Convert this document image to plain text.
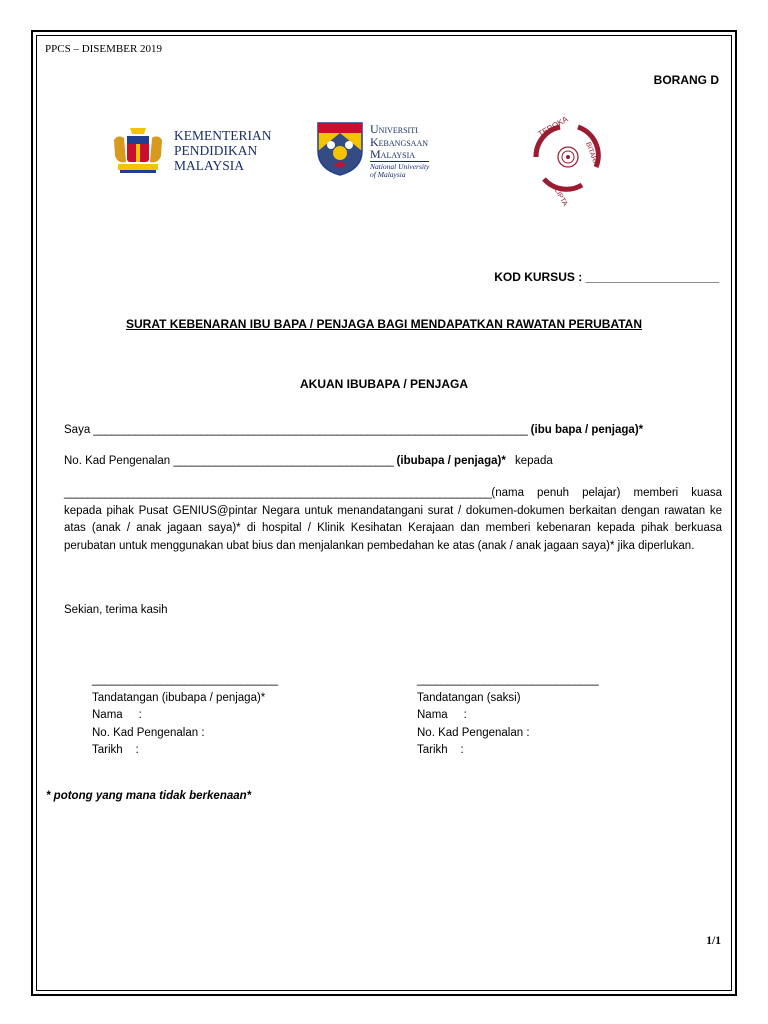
PPCS – DISEMBER 2019
BORANG D
KEMENTERIAN
PENDIDIKAN
MALAYSIA
Universiti
Kebangsaan
Malaysia
National University
of Malaysia
TEROKA
CIPTA
BITARA
KOD KURSUS : ____________________
SURAT KEBENARAN IBU BAPA / PENJAGA BAGI MENDAPATKAN RAWATAN PERUBATAN
AKUAN IBUBAPA / PENJAGA
Saya _________________________________________________________________________ (ibu bapa / penjaga)*
No. Kad Pengenalan _____________________________________ (ibubapa / penjaga)* kepada
__________________________________________________________________________(nama penuh pelajar) memberi kuasa kepada pihak Pusat GENIUS@pintar Negara untuk menandatangani surat / dokumen-dokumen berkaitan dengan rawatan ke atas (anak / anak jagaan saya)* di hospital / Klinik Kesihatan Kerajaan dan memberi kebenaran kepada pihak berkuasa perubatan untuk menggunakan ubat bius dan menjalankan pembedahan ke atas (anak / anak jagaan saya)* jika diperlukan.
Sekian, terima kasih
______________________________
Tandatangan (ibubapa / penjaga)*
Nama     :
No. Kad Pengenalan :
Tarikh    :
______________________________
Tandatangan (saksi)
Nama     :
No. Kad Pengenalan :
Tarikh    :
* potong yang mana tidak berkenaan*
1/1
